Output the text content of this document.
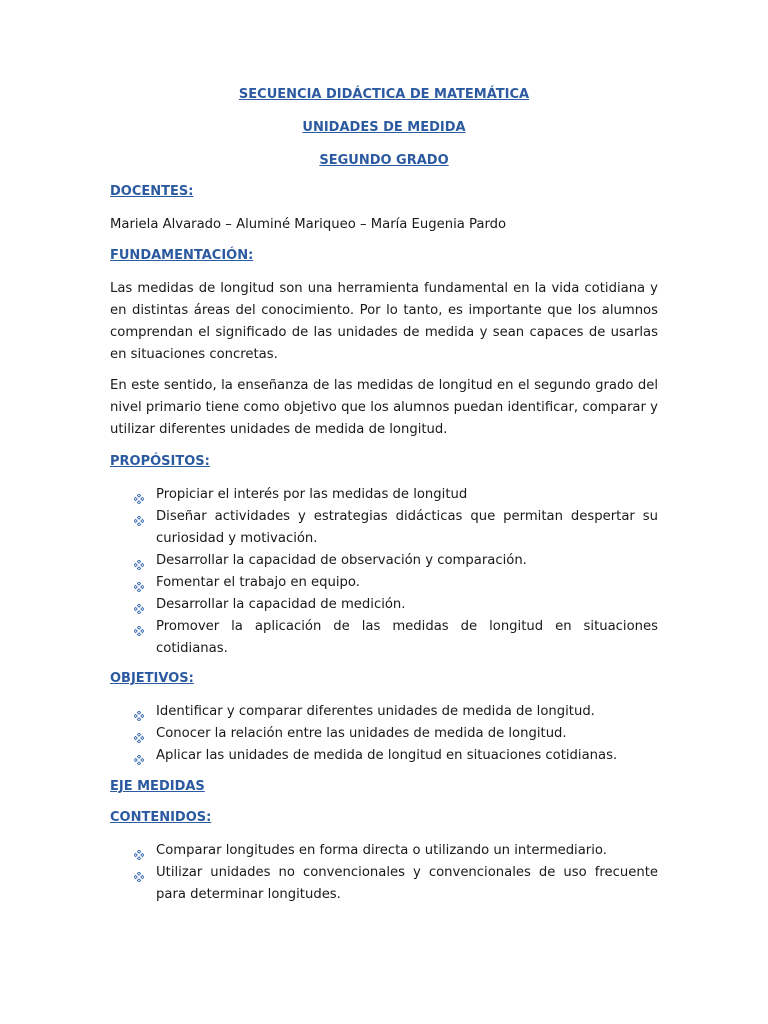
SECUENCIA DIDÁCTICA DE MATEMÁTICA
UNIDADES DE MEDIDA
SEGUNDO GRADO
DOCENTES:

Mariela Alvarado – Aluminé Mariqueo – María Eugenia Pardo

FUNDAMENTACIÓN:

Las medidas de longitud son una herramienta fundamental en la vida cotidiana y en distintas áreas del conocimiento. Por lo tanto, es importante que los alumnos comprendan el significado de las unidades de medida y sean capaces de usarlas en situaciones concretas.

En este sentido, la enseñanza de las medidas de longitud en el segundo grado del nivel primario tiene como objetivo que los alumnos puedan identificar, comparar y utilizar diferentes unidades de medida de longitud.

PROPÓSITOS:
Propiciar el interés por las medidas de longitud
Diseñar actividades y estrategias didácticas que permitan despertar su curiosidad y motivación.
Desarrollar la capacidad de observación y comparación.
Fomentar el trabajo en equipo.
Desarrollar la capacidad de medición.
Promover la aplicación de las medidas de longitud en situaciones cotidianas.
OBJETIVOS:
Identificar y comparar diferentes unidades de medida de longitud.
Conocer la relación entre las unidades de medida de longitud.
Aplicar las unidades de medida de longitud en situaciones cotidianas.
EJE MEDIDAS
CONTENIDOS:
Comparar longitudes en forma directa o utilizando un intermediario.
Utilizar unidades no convencionales y convencionales de uso frecuente para determinar longitudes.
